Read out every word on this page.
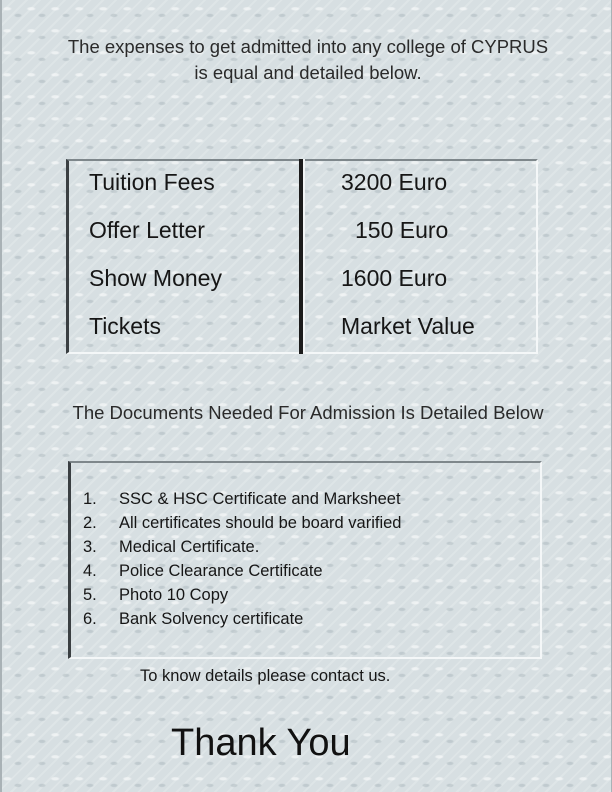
The expenses to get admitted into any college of CYPRUS
is equal and detailed below.
Tuition Fees	3200 Euro
Offer Letter	150 Euro
Show Money	1600 Euro
Tickets	Market Value
The Documents Needed For Admission Is Detailed Below
1. SSC & HSC Certificate and Marksheet
2. All certificates should be board varified
3. Medical Certificate.
4. Police Clearance Certificate
5. Photo 10 Copy
6. Bank Solvency certificate
To know details please contact us.
Thank You
